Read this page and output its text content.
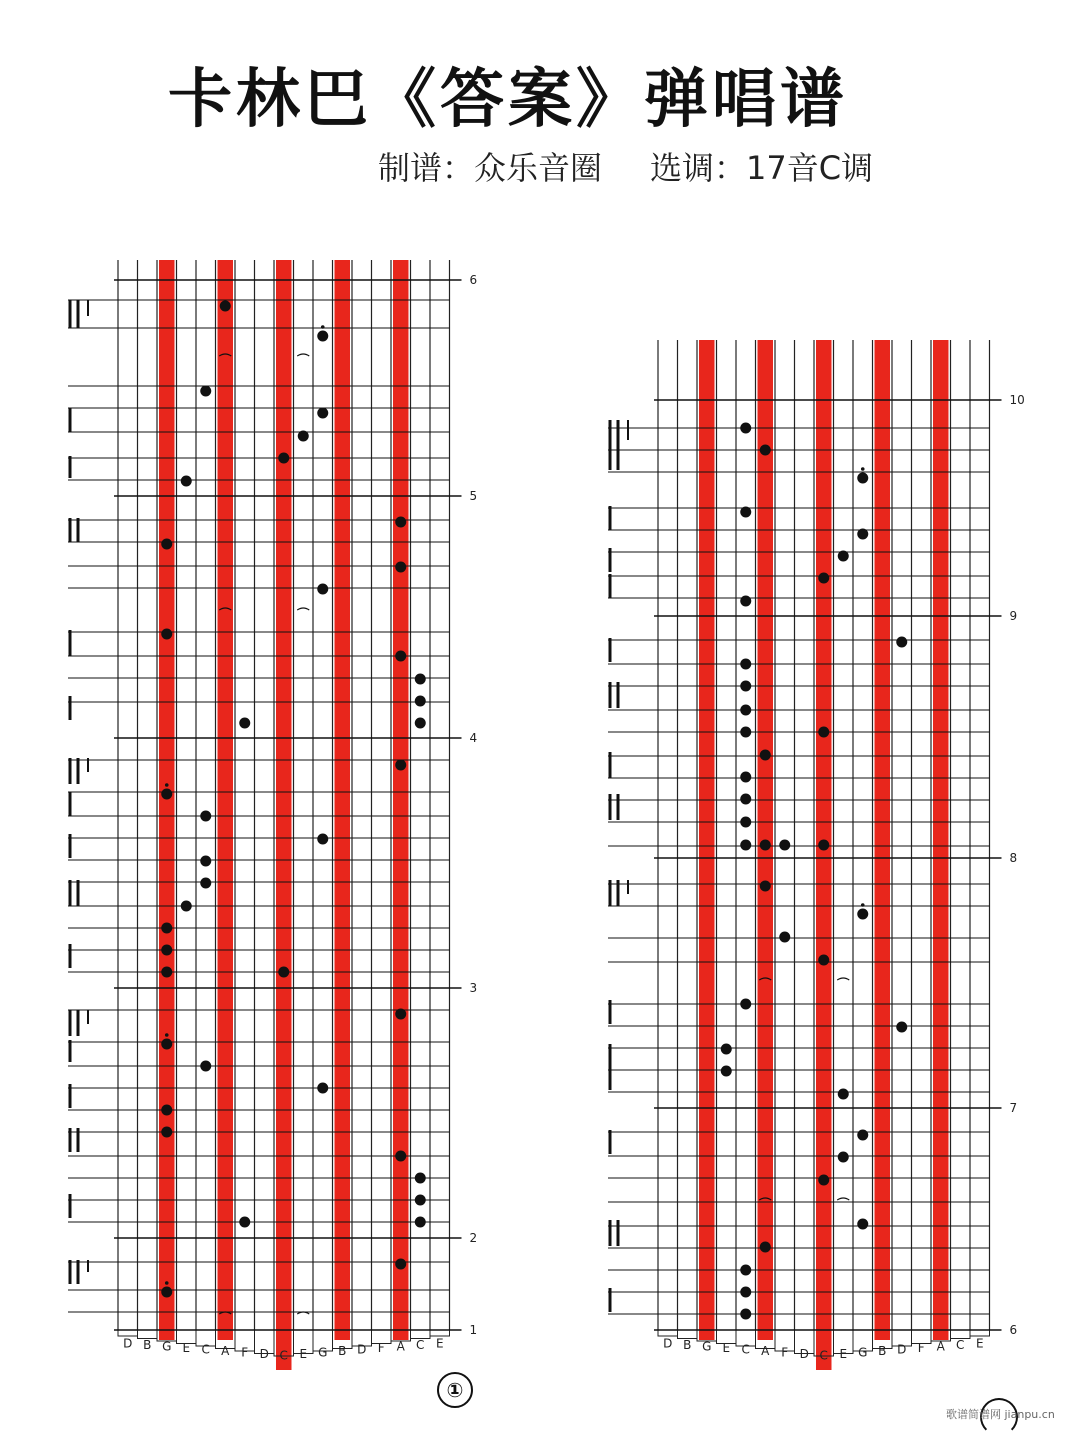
卡林巴《答案》弹唱谱
制谱：众乐音圈 选调：17音C调
D B G E C A F D C E G B D F A C E
6
5
4
3
2
1
D B G E C A F D C E G B D F A C E
10
9
8
7
6
①
歌谱简谱网 jianpu.cn
